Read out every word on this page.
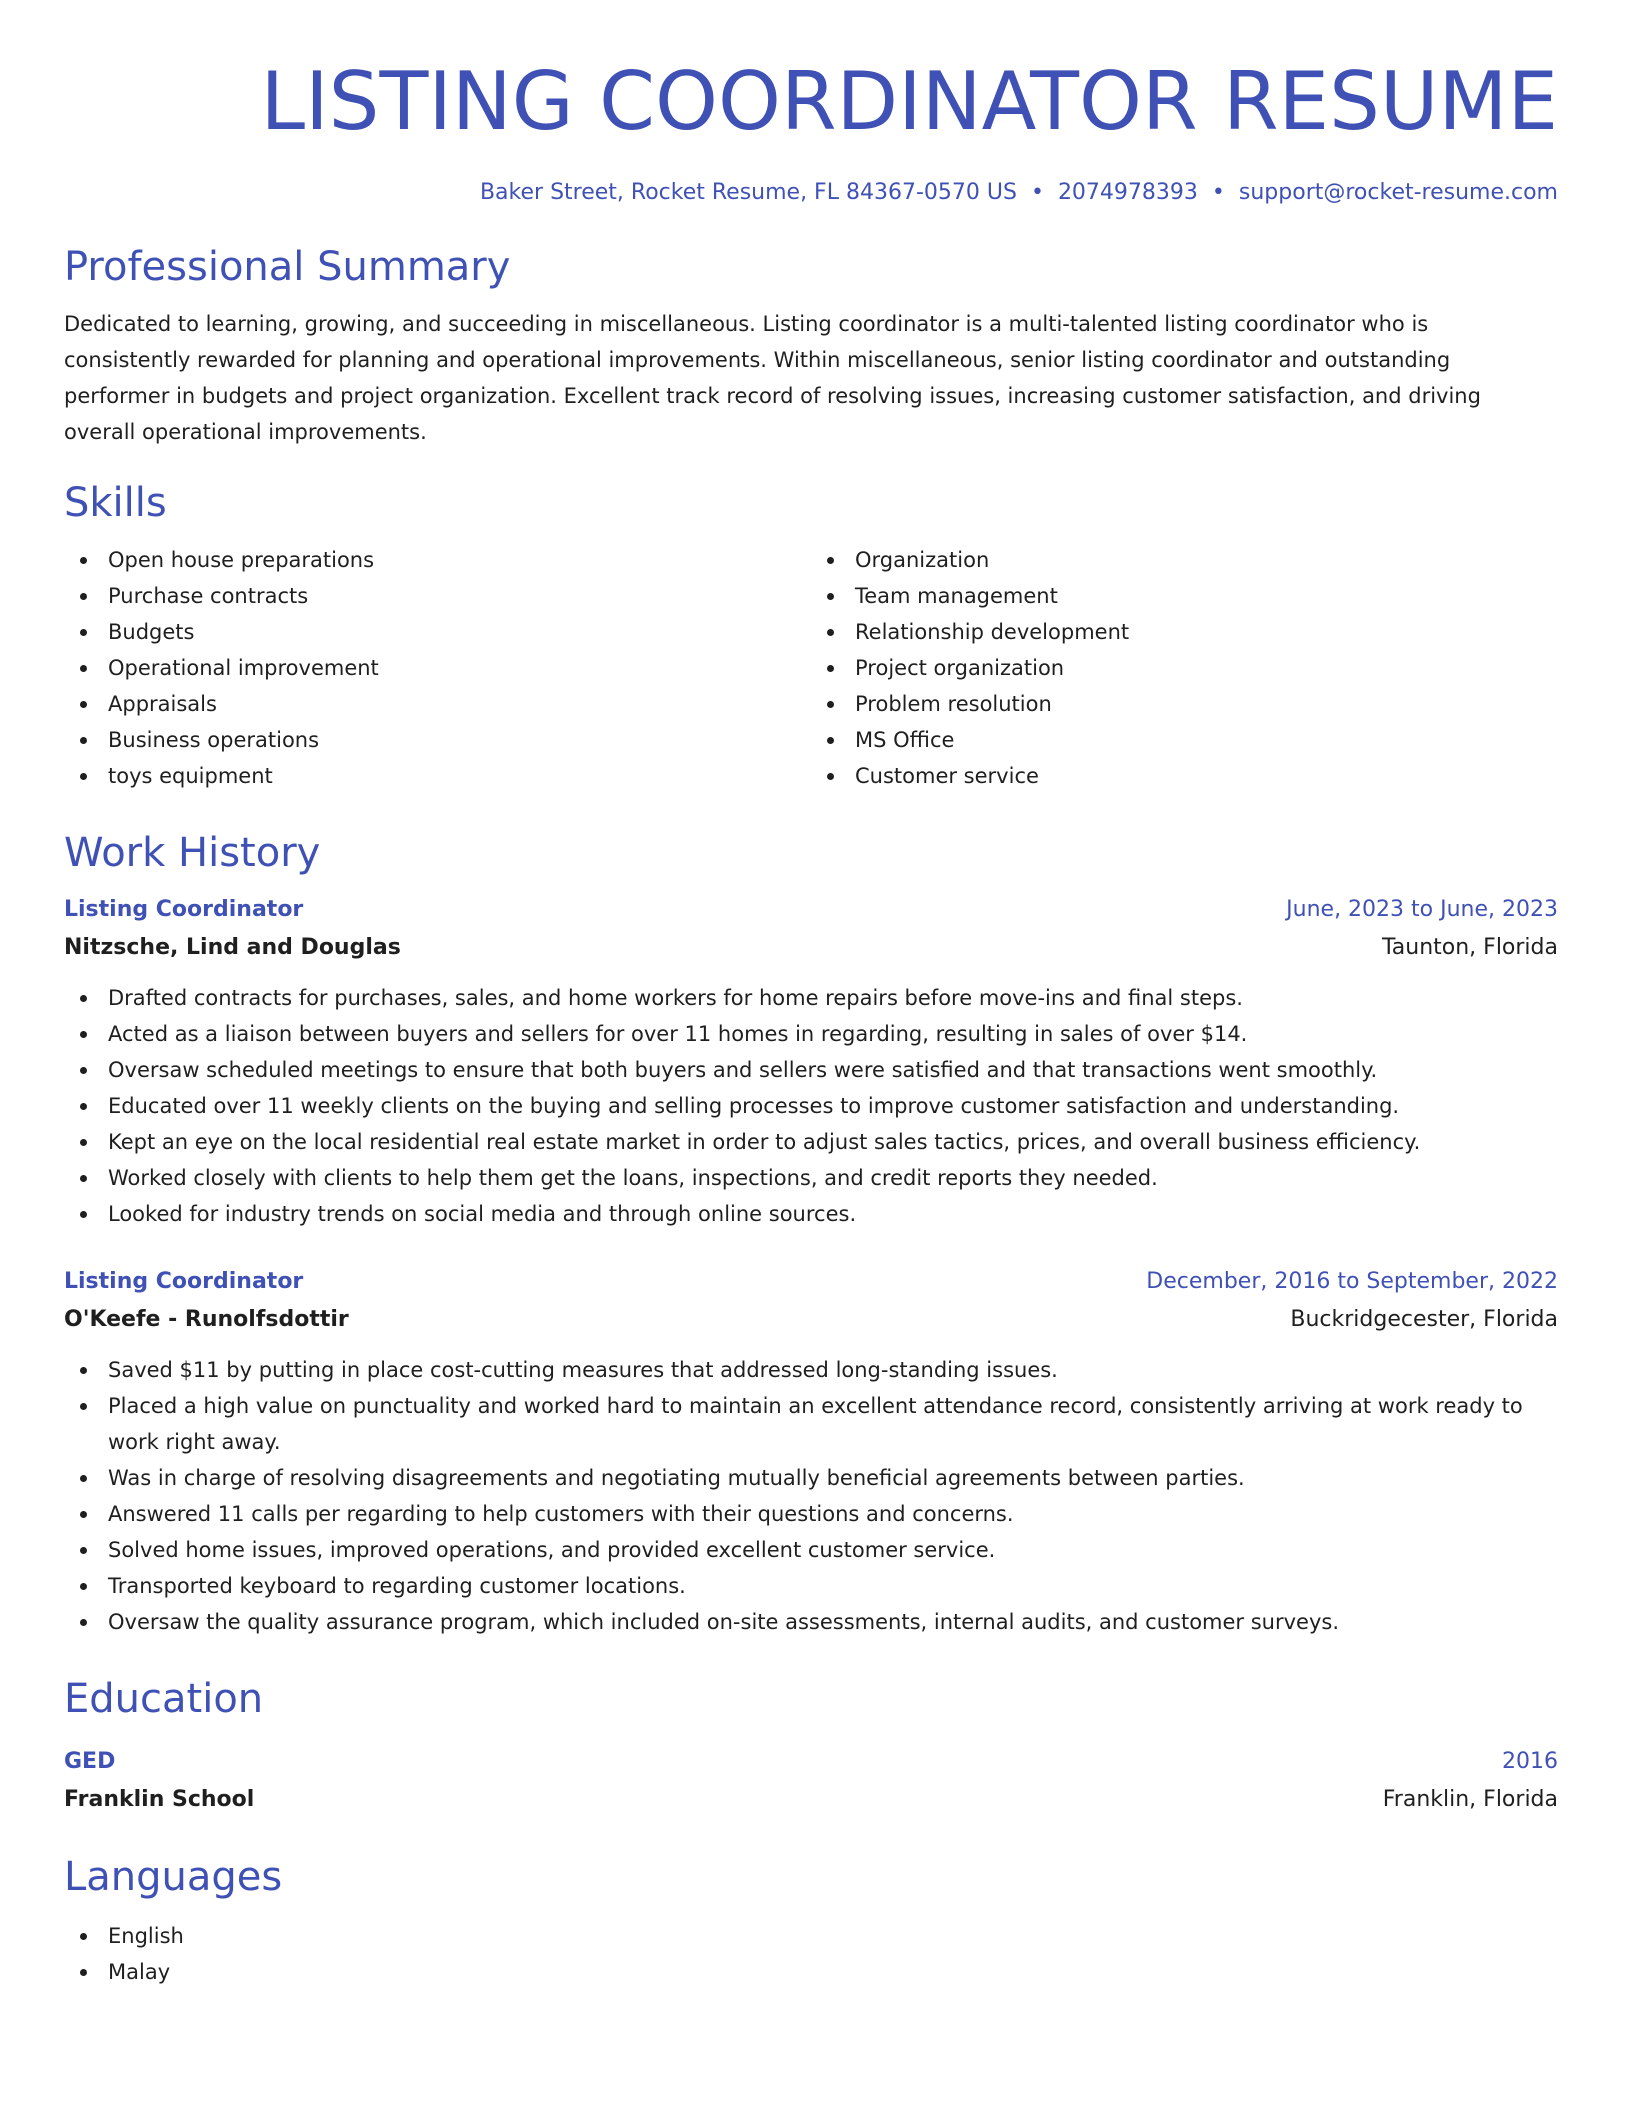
LISTING COORDINATOR RESUME
Baker Street, Rocket Resume, FL 84367-0570 US • 2074978393 • support@rocket-resume.com
Professional Summary

Dedicated to learning, growing, and succeeding in miscellaneous. Listing coordinator is a multi-talented listing coordinator who is consistently rewarded for planning and operational improvements. Within miscellaneous, senior listing coordinator and outstanding performer in budgets and project organization. Excellent track record of resolving issues, increasing customer satisfaction, and driving overall operational improvements.

Skills
Open house preparations
Purchase contracts
Budgets
Operational improvement
Appraisals
Business operations
toys equipment
Organization
Team management
Relationship development
Project organization
Problem resolution
MS Office
Customer service
Work History
Listing Coordinator	June, 2023 to June, 2023
Nitzsche, Lind and Douglas	Taunton, Florida
Drafted contracts for purchases, sales, and home workers for home repairs before move-ins and final steps.
Acted as a liaison between buyers and sellers for over 11 homes in regarding, resulting in sales of over $14.
Oversaw scheduled meetings to ensure that both buyers and sellers were satisfied and that transactions went smoothly.
Educated over 11 weekly clients on the buying and selling processes to improve customer satisfaction and understanding.
Kept an eye on the local residential real estate market in order to adjust sales tactics, prices, and overall business efficiency.
Worked closely with clients to help them get the loans, inspections, and credit reports they needed.
Looked for industry trends on social media and through online sources.
Listing Coordinator	December, 2016 to September, 2022
O'Keefe - Runolfsdottir	Buckridgecester, Florida
Saved $11 by putting in place cost-cutting measures that addressed long-standing issues.
Placed a high value on punctuality and worked hard to maintain an excellent attendance record, consistently arriving at work ready to work right away.
Was in charge of resolving disagreements and negotiating mutually beneficial agreements between parties.
Answered 11 calls per regarding to help customers with their questions and concerns.
Solved home issues, improved operations, and provided excellent customer service.
Transported keyboard to regarding customer locations.
Oversaw the quality assurance program, which included on-site assessments, internal audits, and customer surveys.
Education
GED	2016
Franklin School	Franklin, Florida
Languages
English
Malay
